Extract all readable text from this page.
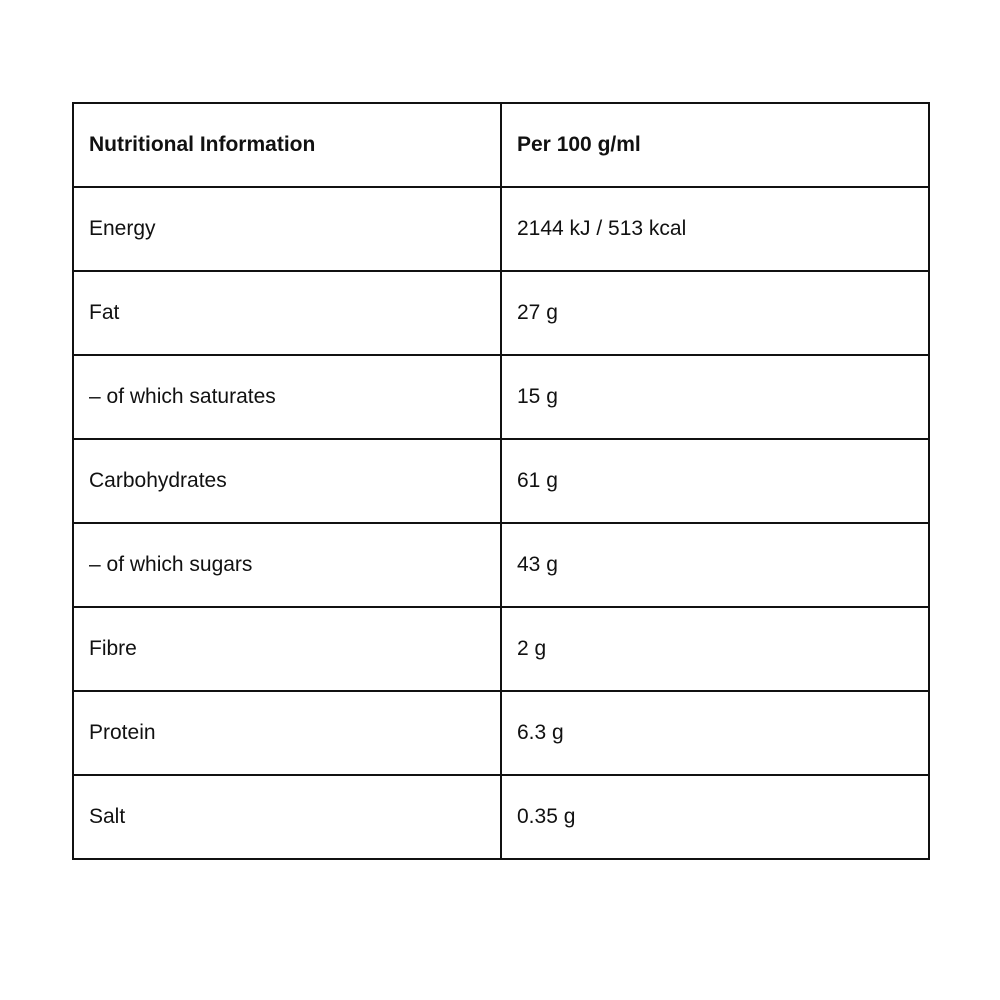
Nutritional Information	Per 100 g/ml
Energy	2144 kJ / 513 kcal
Fat	27 g
– of which saturates	15 g
Carbohydrates	61 g
– of which sugars	43 g
Fibre	2 g
Protein	6.3 g
Salt	0.35 g
